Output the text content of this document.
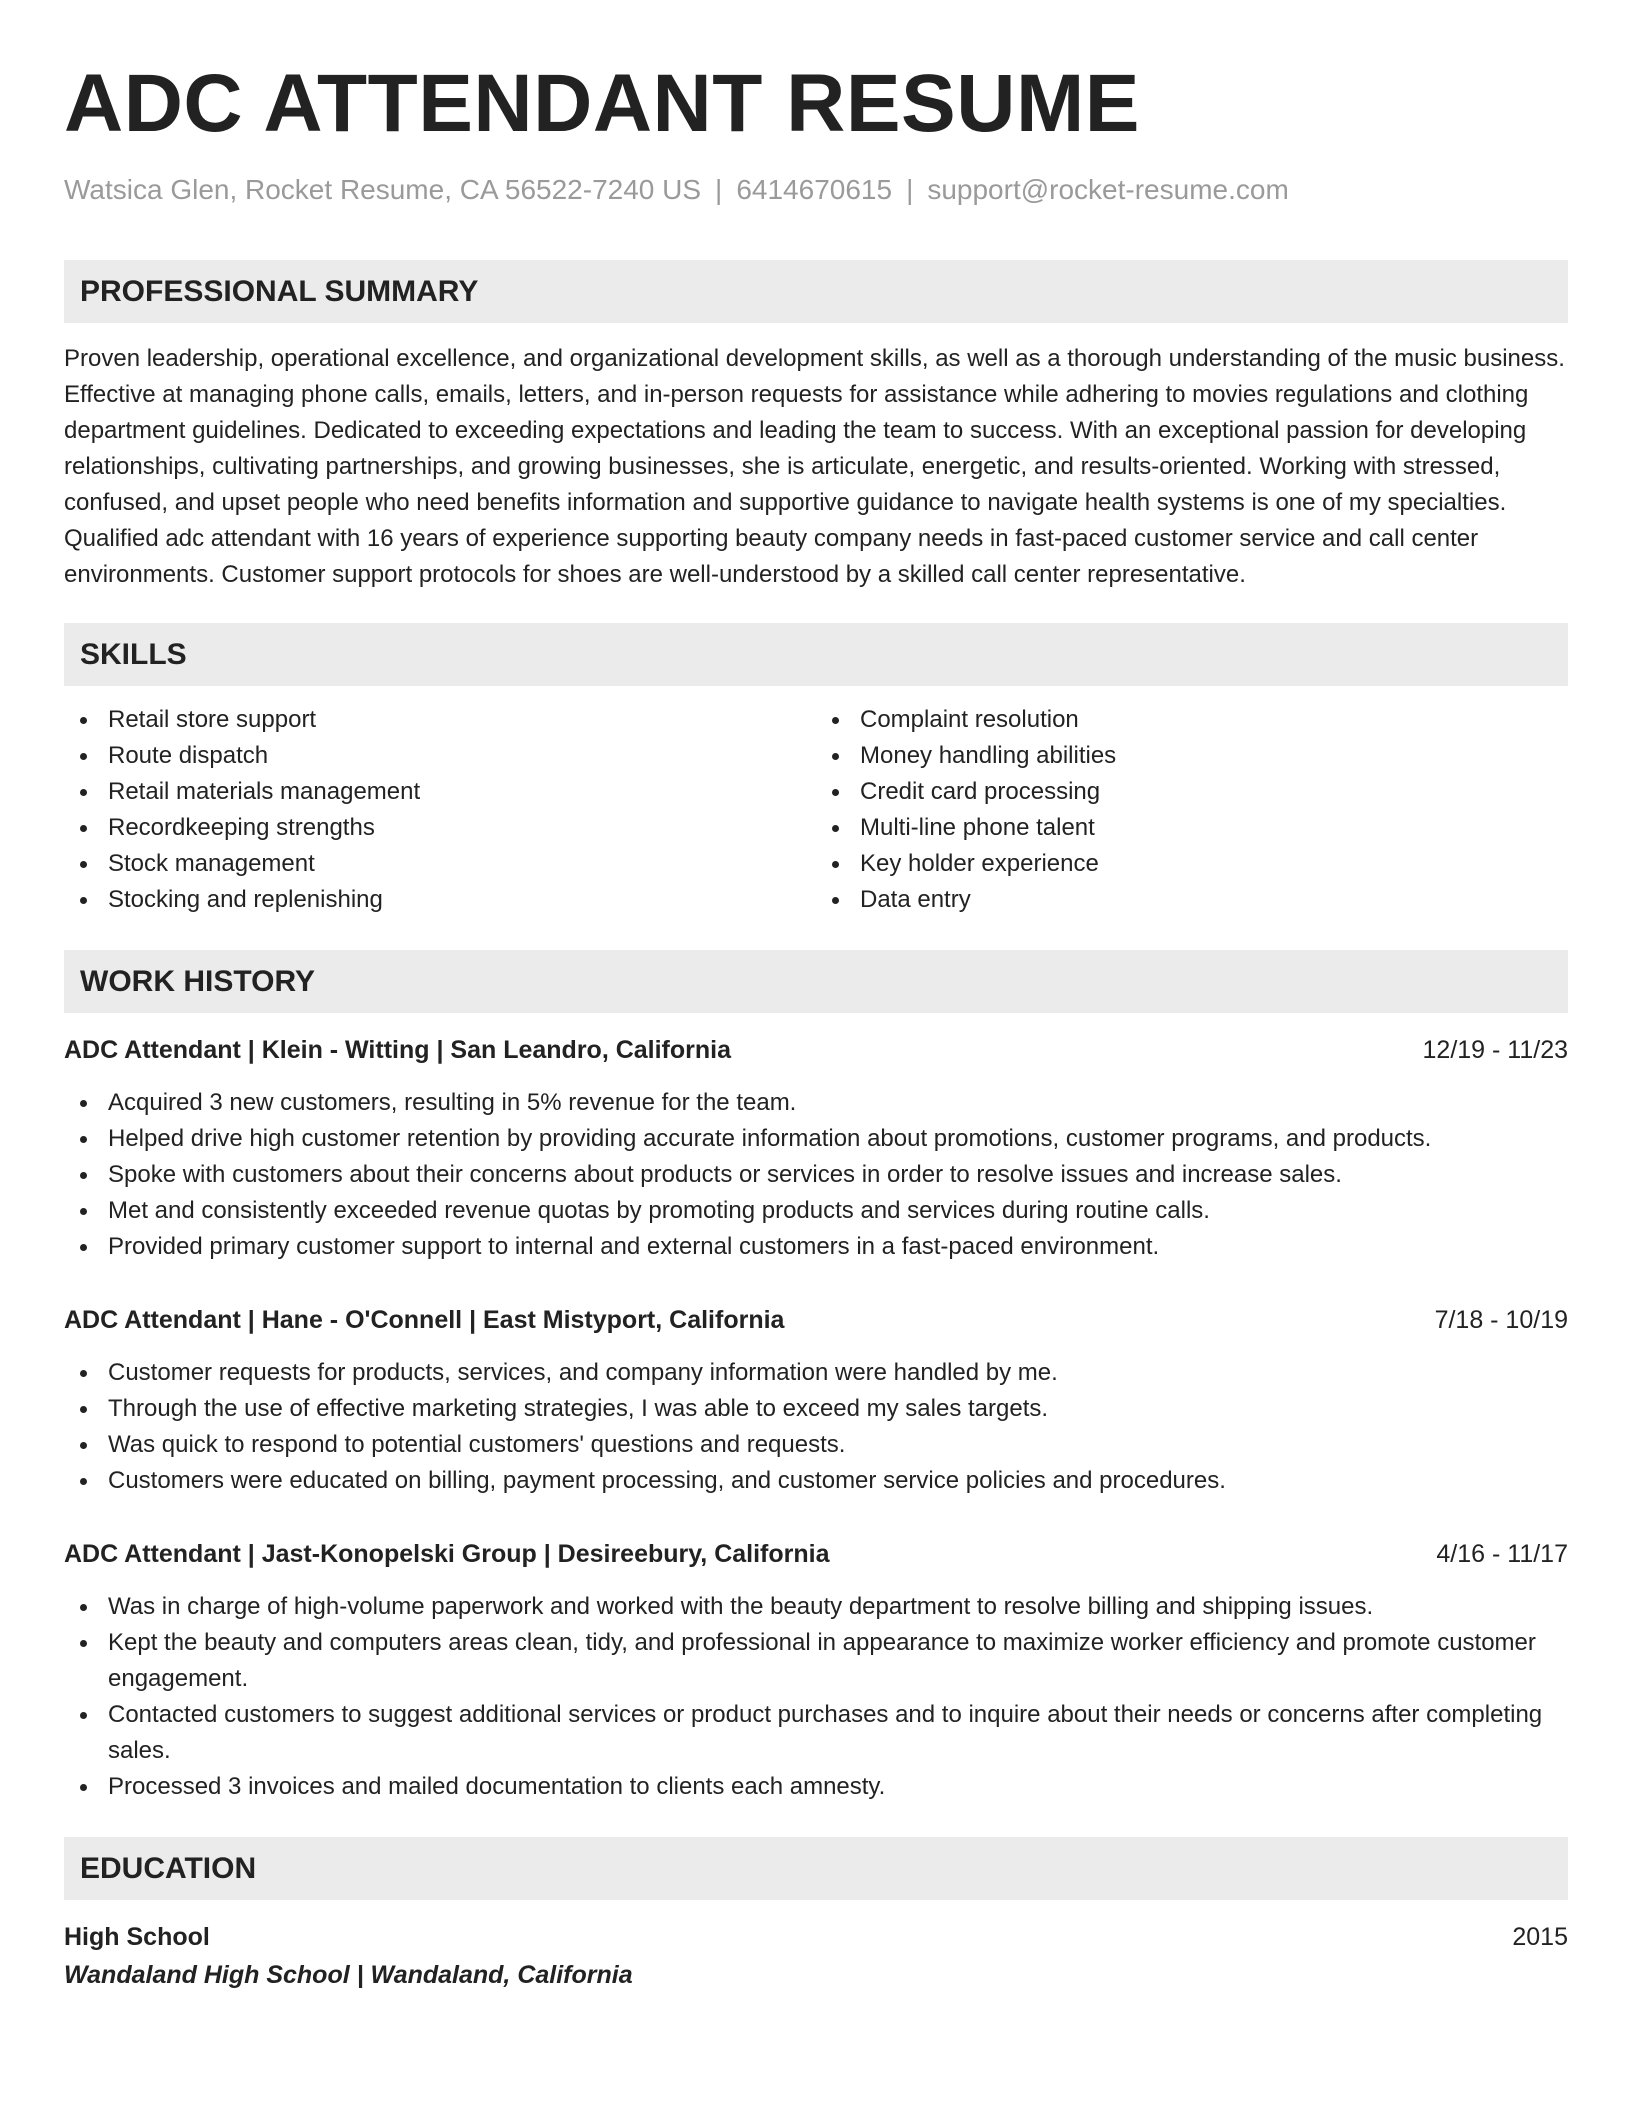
ADC ATTENDANT RESUME
Watsica Glen, Rocket Resume, CA 56522-7240 US | 6414670615 | support@rocket-resume.com
PROFESSIONAL SUMMARY
Proven leadership, operational excellence, and organizational development skills, as well as a thorough understanding of the music business. Effective at managing phone calls, emails, letters, and in-person requests for assistance while adhering to movies regulations and clothing department guidelines. Dedicated to exceeding expectations and leading the team to success. With an exceptional passion for developing relationships, cultivating partnerships, and growing businesses, she is articulate, energetic, and results-oriented. Working with stressed, confused, and upset people who need benefits information and supportive guidance to navigate health systems is one of my specialties. Qualified adc attendant with 16 years of experience supporting beauty company needs in fast-paced customer service and call center environments. Customer support protocols for shoes are well-understood by a skilled call center representative.
SKILLS
Retail store support
Route dispatch
Retail materials management
Recordkeeping strengths
Stock management
Stocking and replenishing
Complaint resolution
Money handling abilities
Credit card processing
Multi-line phone talent
Key holder experience
Data entry
WORK HISTORY
ADC Attendant | Klein - Witting | San Leandro, California	12/19 - 11/23
Acquired 3 new customers, resulting in 5% revenue for the team.
Helped drive high customer retention by providing accurate information about promotions, customer programs, and products.
Spoke with customers about their concerns about products or services in order to resolve issues and increase sales.
Met and consistently exceeded revenue quotas by promoting products and services during routine calls.
Provided primary customer support to internal and external customers in a fast-paced environment.
ADC Attendant | Hane - O'Connell | East Mistyport, California	7/18 - 10/19
Customer requests for products, services, and company information were handled by me.
Through the use of effective marketing strategies, I was able to exceed my sales targets.
Was quick to respond to potential customers' questions and requests.
Customers were educated on billing, payment processing, and customer service policies and procedures.
ADC Attendant | Jast-Konopelski Group | Desireebury, California	4/16 - 11/17
Was in charge of high-volume paperwork and worked with the beauty department to resolve billing and shipping issues.
Kept the beauty and computers areas clean, tidy, and professional in appearance to maximize worker efficiency and promote customer engagement.
Contacted customers to suggest additional services or product purchases and to inquire about their needs or concerns after completing sales.
Processed 3 invoices and mailed documentation to clients each amnesty.
EDUCATION
High School	2015
Wandaland High School | Wandaland, California
